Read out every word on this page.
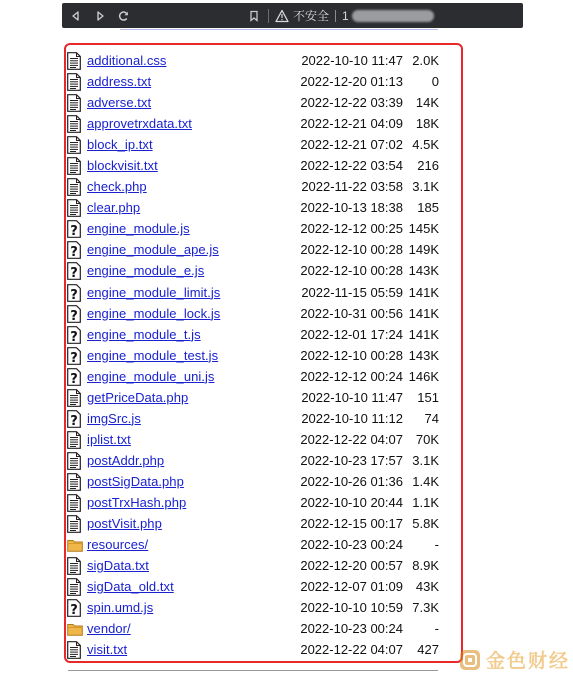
不安全 1
additional.css	2022-10-10 11:47 2.0K
address.txt	2022-12-20 01:13	0
adverse.txt	2022-12-22 03:39 14K
approvetrxdata.txt	2022-12-21 04:09 18K
block_ip.txt	2022-12-21 07:02 4.5K
blockvisit.txt	2022-12-22 03:54	216
check.php	2022-11-22 03:58 3.1K
clear.php	2022-10-13 18:38	185
? engine_module.js	2022-12-12 00:25 145K
? engine_module_ape.js	2022-12-10 00:28 149K
? engine_module_e.js	2022-12-10 00:28 143K
? engine_module_limit.js	2022-11-15 05:59 141K
? engine_module_lock.js	2022-10-31 00:56 141K
? engine_module_t.js	2022-12-01 17:24 141K
? engine_module_test.js	2022-12-10 00:28 143K
? engine_module_uni.js	2022-12-12 00:24 146K
getPriceData.php	2022-10-10 11:47	151
? imgSrc.js	2022-10-10 11:12	74
iplist.txt	2022-12-22 04:07 70K
postAddr.php	2022-10-23 17:57 3.1K
postSigData.php	2022-10-26 01:36 1.4K
postTrxHash.php	2022-10-10 20:44 1.1K
postVisit.php	2022-12-15 00:17 5.8K
resources/	2022-10-23 00:24	-
sigData.txt	2022-12-20 00:57 8.9K
sigData_old.txt	2022-12-07 01:09 43K
? spin.umd.js	2022-10-10 10:59 7.3K
vendor/	2022-10-23 00:24	-
visit.txt	2022-12-22 04:07	427
金色财经
